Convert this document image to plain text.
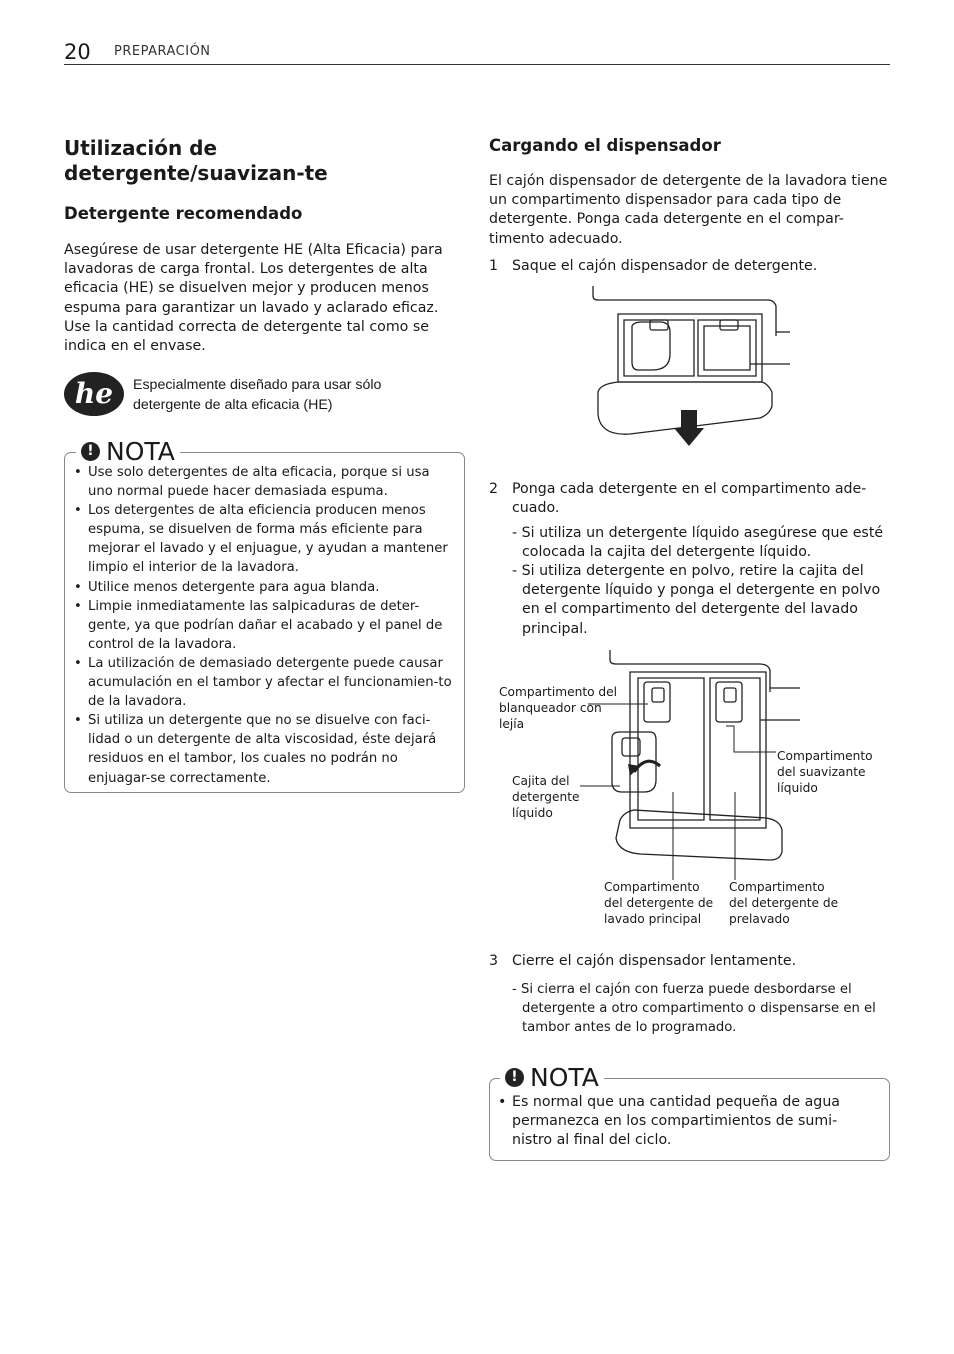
20 PREPARACIÓN
Utilización de detergente/suavizan-te
Detergente recomendado
Asegúrese de usar detergente HE (Alta Eficacia) para lavadoras de carga frontal. Los detergentes de alta eficacia (HE) se disuelven mejor y producen menos espuma para garantizar un lavado y aclarado eficaz. Use la cantidad correcta de detergente tal como se indica en el envase.
he Especialmente diseñado para usar sólo detergente de alta eficacia (HE)
! NOTA
• Use solo detergentes de alta eficacia, porque si usa uno normal puede hacer demasiada espuma.
• Los detergentes de alta eficiencia producen menos espuma, se disuelven de forma más eficiente para mejorar el lavado y el enjuague, y ayudan a mantener limpio el interior de la lavadora.
• Utilice menos detergente para agua blanda.
• Limpie inmediatamente las salpicaduras de deter-gente, ya que podrían dañar el acabado y el panel de control de la lavadora.
• La utilización de demasiado detergente puede causar acumulación en el tambor y afectar el funcionamien-to de la lavadora.
• Si utiliza un detergente que no se disuelve con faci-lidad o un detergente de alta viscosidad, éste dejará residuos en el tambor, los cuales no podrán no enjuagar-se correctamente.
Cargando el dispensador
El cajón dispensador de detergente de la lavadora tiene un compartimento dispensador para cada tipo de detergente. Ponga cada detergente en el compar-timento adecuado.
1 Saque el cajón dispensador de detergente.
2 Ponga cada detergente en el compartimento ade-cuado.
- Si utiliza un detergente líquido asegúrese que esté colocada la cajita del detergente líquido.
- Si utiliza detergente en polvo, retire la cajita del detergente líquido y ponga el detergente en polvo en el compartimento del detergente del lavado principal.
Compartimento del blanqueador con lejía
Cajita del detergente líquido
Compartimento del suavizante líquido
Compartimento del detergente de lavado principal
Compartimento del detergente de prelavado
3 Cierre el cajón dispensador lentamente.
- Si cierra el cajón con fuerza puede desbordarse el detergente a otro compartimento o dispensarse en el tambor antes de lo programado.
! NOTA
• Es normal que una cantidad pequeña de agua permanezca en los compartimientos de sumi-nistro al final del ciclo.
